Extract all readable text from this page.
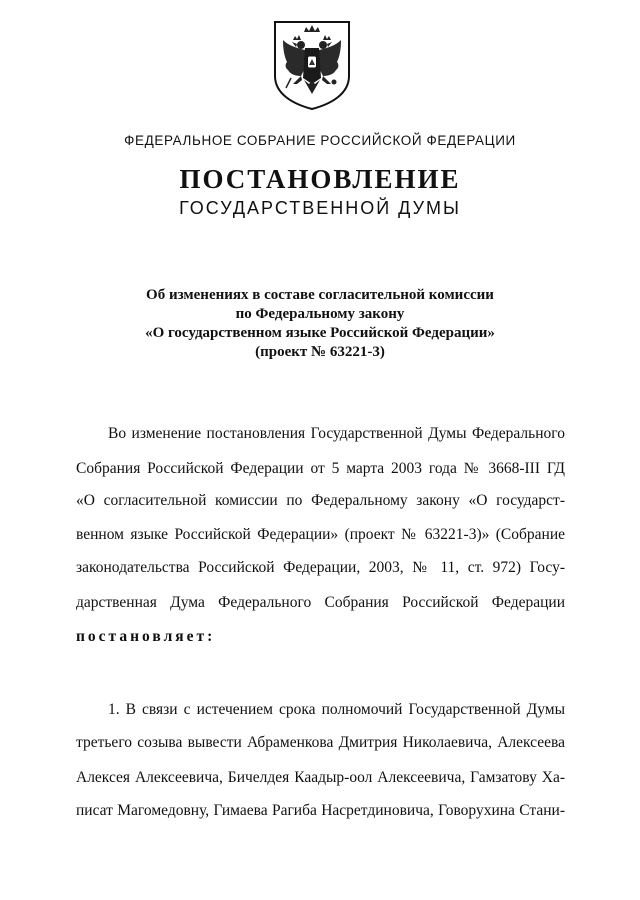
ФЕДЕРАЛЬНОЕ СОБРАНИЕ РОССИЙСКОЙ ФЕДЕРАЦИИ
ПОСТАНОВЛЕНИЕ
ГОСУДАРСТВЕННОЙ ДУМЫ
Об изменениях в составе согласительной комиссии
по Федеральному закону
«О государственном языке Российской Федерации»
(проект № 63221-3)
Во изменение постановления Государственной Думы Федерального
Собрания Российской Федерации от 5 марта 2003 года № 3668-III ГД
«О согласительной комиссии по Федеральному закону «О государст-
венном языке Российской Федерации» (проект № 63221-3)» (Собрание
законодательства Российской Федерации, 2003, № 11, ст. 972) Госу-
дарственная Дума Федерального Собрания Российской Федерации
постановляет:
1. В связи с истечением срока полномочий Государственной Думы
третьего созыва вывести Абраменкова Дмитрия Николаевича, Алексеева
Алексея Алексеевича, Бичелдея Каадыр-оол Алексеевича, Гамзатову Ха-
писат Магомедовну, Гимаева Рагиба Насретдиновича, Говорухина Стани-
